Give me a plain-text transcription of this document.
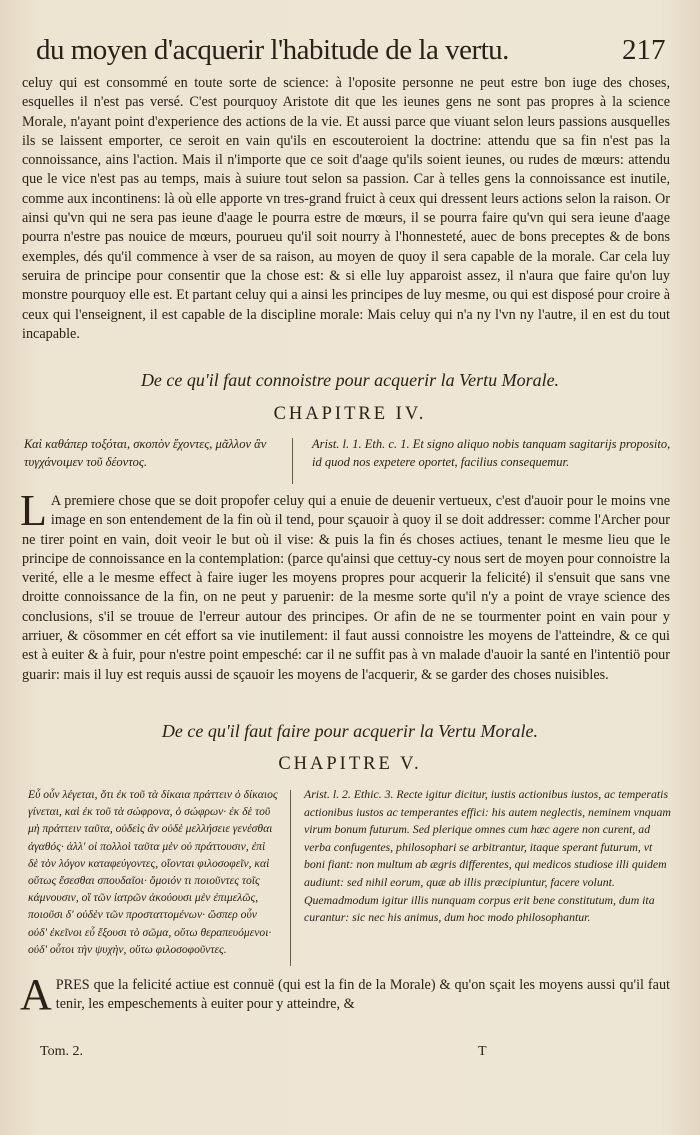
du moyen d'acquerir l'habitude de la vertu.	217
celuy qui est consommé en toute sorte de science: à l'oposite personne ne peut estre bon iuge des choses, esquelles il n'est pas versé. C'est pourquoy Aristote dit que les ieunes gens ne sont pas propres à la science Morale, n'ayant point d'experience des actions de la vie. Et aussi parce que viuant selon leurs passions ausquelles ils se laissent emporter, ce seroit en vain qu'ils en escouteroient la doctrine: attendu que sa fin n'est pas la connoissance, ains l'action. Mais il n'importe que ce soit d'aage qu'ils soient ieunes, ou rudes de mœurs: attendu que le vice n'est pas au temps, mais à suiure tout selon sa passion. Car à telles gens la connoissance est inutile, comme aux incontinens: là où elle apporte vn tres-grand fruict à ceux qui dressent leurs actions selon la raison. Or ainsi qu'vn qui ne sera pas ieune d'aage le pourra estre de mœurs, il se pourra faire qu'vn qui sera ieune d'aage pourra n'estre pas nouice de mœurs, pourueu qu'il soit nourry à l'honnesteté, auec de bons preceptes & de bons exemples, dés qu'il commence à vser de sa raison, au moyen de quoy il sera capable de la morale. Car cela luy seruira de principe pour consentir que la chose est: & si elle luy apparoist assez, il n'aura que faire qu'on luy monstre pourquoy elle est. Et partant celuy qui a ainsi les principes de luy mesme, ou qui est disposé pour croire à ceux qui l'enseignent, il est capable de la discipline morale: Mais celuy qui n'a ny l'vn ny l'autre, il en est du tout incapable.
De ce qu'il faut connoistre pour acquerir la Vertu Morale.
CHAPITRE IV.
Καὶ καθάπερ τοξόται, σκοπὸν ἔχοντες, μᾶλλον ἂν τυγχάνοιμεν τοῦ δέοντος.
Arist. l. 1. Eth. c. 1. Et signo aliquo nobis tanquam sagitarijs proposito, id quod nos expetere oportet, facilius consequemur.
L A premiere chose que se doit propofer celuy qui a enuie de deuenir vertueux, c'est d'auoir pour le moins vne image en son entendement de la fin où il tend, pour sçauoir à quoy il se doit addresser: comme l'Archer pour ne tirer point en vain, doit veoir le but où il vise: & puis la fin és choses actiues, tenant le mesme lieu que le principe de connoissance en la contemplation: (parce qu'ainsi que cettuy-cy nous sert de moyen pour connoistre la verité, elle a le mesme effect à faire iuger les moyens propres pour acquerir la felicité) il s'ensuit que sans vne droitte connoissance de la fin, on ne peut y paruenir: de la mesme sorte qu'il n'y a point de vraye science des conclusions, s'il se trouue de l'erreur autour des principes. Or afin de ne se tourmenter point en vain pour y arriuer, & cösommer en cét effort sa vie inutilement: il faut aussi connoistre les moyens de l'atteindre, & ce qui est à euiter & à fuir, pour n'estre point empesché: car il ne suffit pas à vn malade d'auoir la santé en l'intentiö pour guarir: mais il luy est requis aussi de sçauoir les moyens de l'acquerir, & se garder des choses nuisibles.
De ce qu'il faut faire pour acquerir la Vertu Morale.
CHAPITRE V.
Εὖ οὖν λέγεται, ὅτι ἐκ τοῦ τὰ δίκαια πράττειν ὁ δίκαιος γίνεται, καὶ ἐκ τοῦ τὰ σώφρονα, ὁ σώφρων· ἐκ δὲ τοῦ μὴ πράττειν ταῦτα, οὐδεὶς ἂν οὐδὲ μελλήσειε γενέσθαι ἀγαθός· ἀλλ' οἱ πολλοὶ ταῦτα μὲν οὐ πράττουσιν, ἐπὶ δὲ τὸν λόγον καταφεύγοντες, οἴονται φιλοσοφεῖν, καὶ οὕτως ἔσεσθαι σπουδαῖοι· ὅμοιόν τι ποιοῦντες τοῖς κάμνουσιν, οἳ τῶν ἰατρῶν ἀκούουσι μὲν ἐπιμελῶς, ποιοῦσι δ' οὐδὲν τῶν προσταττομένων· ὥσπερ οὖν οὐδ' ἐκεῖνοι εὖ ἕξουσι τὸ σῶμα, οὕτω θεραπευόμενοι· οὐδ' οὗτοι τὴν ψυχὴν, οὕτω φιλοσοφοῦντες.
Arist. l. 2. Ethic. 3. Recte igitur dicitur, iustis actionibus iustos, ac temperatis actionibus iustos ac temperantes effici: his autem neglectis, neminem vnquam virum bonum futurum. Sed plerique omnes cum hæc agere non curent, ad verba confugentes, philosophari se arbitrantur, itaque sperant futurum, vt boni fiant: non multum ab ægris differentes, qui medicos studiose illi quidem audiunt: sed nihil eorum, quæ ab illis præcipiuntur, facere volunt. Quemadmodum igitur illis nunquam corpus erit bene constitutum, dum ita curantur: sic nec his animus, dum hoc modo philosophantur.
APRES que la felicité actiue est connuë (qui est la fin de la Morale) & qu'on sçait les moyens aussi qu'il faut tenir, les empeschements à euiter pour y atteindre, &
Tom. 2.	T
